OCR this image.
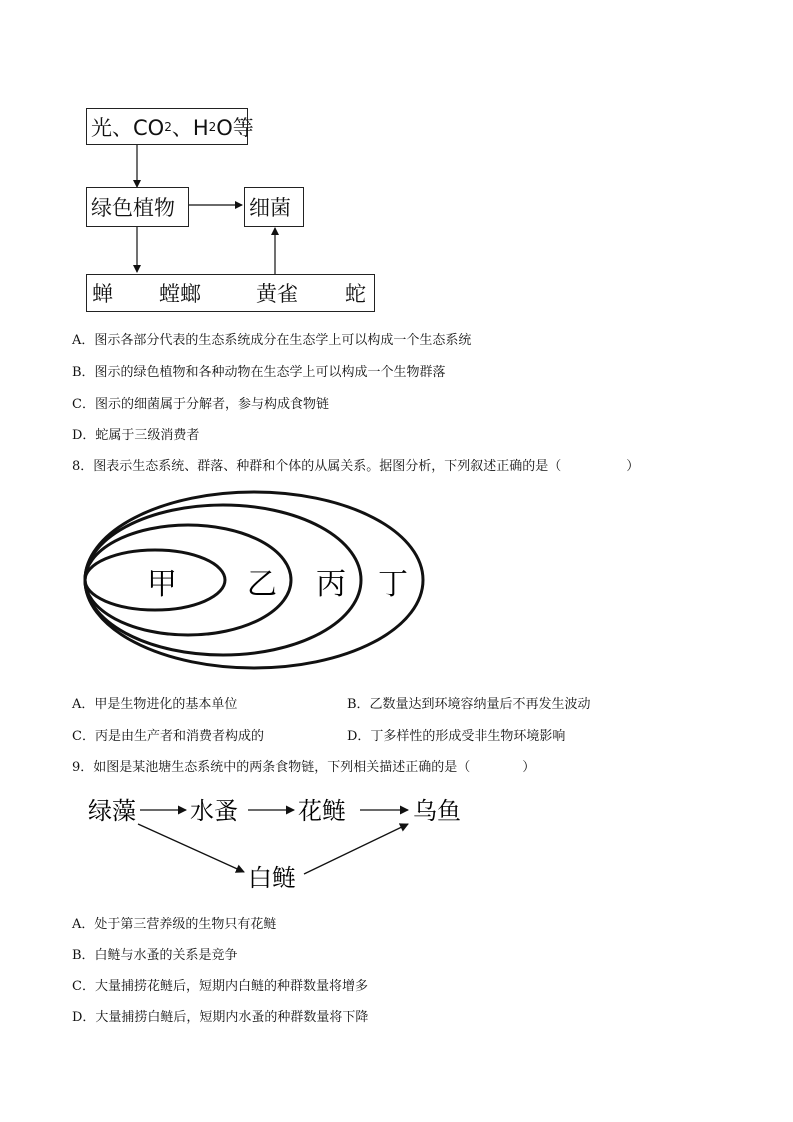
光、CO 2 、H 2 O等
绿色植物	细菌
蝉 螳螂	黄雀 蛇
A．图示各部分代表的生态系统成分在生态学上可以构成一个生态系统
B．图示的绿色植物和各种动物在生态学上可以构成一个生物群落
C．图示的细菌属于分解者，参与构成食物链
D．蛇属于三级消费者
8．图表示生态系统、群落、种群和个体的从属关系。据图分析，下列叙述正确的是（　　　　　）
甲 乙 丙 丁
A．甲是生物进化的基本单位	B．乙数量达到环境容纳量后不再发生波动
C．丙是由生产者和消费者构成的	D．丁多样性的形成受非生物环境影响
9．如图是某池塘生态系统中的两条食物链，下列相关描述正确的是（　　　　）
绿藻 水蚤	花鲢	乌鱼
白鲢
A．处于第三营养级的生物只有花鲢
B．白鲢与水蚤的关系是竞争
C．大量捕捞花鲢后，短期内白鲢的种群数量将增多
D．大量捕捞白鲢后，短期内水蚤的种群数量将下降
